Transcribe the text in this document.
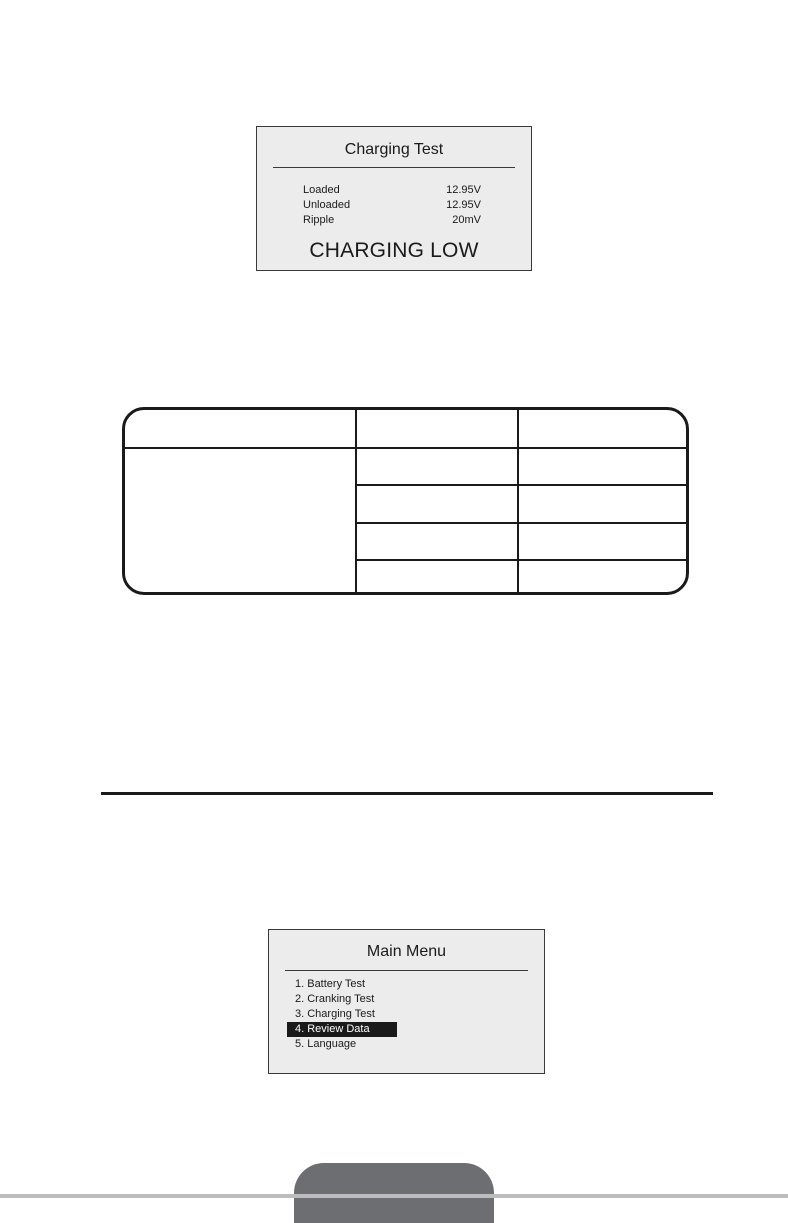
Charging Test
Loaded	12.95V
Unloaded	12.95V
Ripple	20mV
CHARGING LOW
Main Menu
1. Battery Test
2. Cranking Test
3. Charging Test
4. Review Data
5. Language
